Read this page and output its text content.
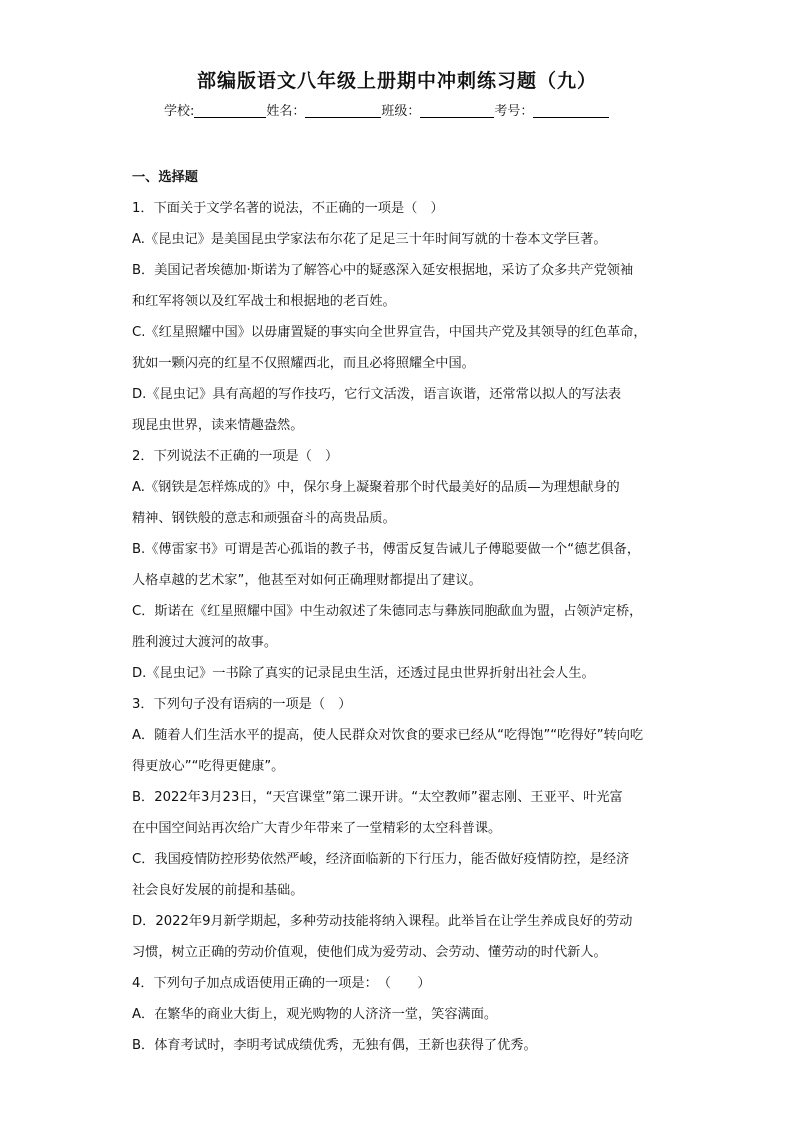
部编版语文八年级上册期中冲刺练习题（九）
学校:	姓名：	班级：	考号：
一、选择题
1．下面关于文学名著的说法，不正确的一项是（　）
A.《昆虫记》是美国昆虫学家法布尔花了足足三十年时间写就的十卷本文学巨著。
B．美国记者埃德加·斯诺为了解答心中的疑惑深入延安根据地，采访了众多共产党领袖
和红军将领以及红军战士和根据地的老百姓。
C.《红星照耀中国》以毋庸置疑的事实向全世界宣告，中国共产党及其领导的红色革命，
犹如一颗闪亮的红星不仅照耀西北，而且必将照耀全中国。
D.《昆虫记》具有高超的写作技巧，它行文活泼，语言诙谐，还常常以拟人的写法表
现昆虫世界，读来情趣盎然。
2．下列说法不正确的一项是（　）
A.《钢铁是怎样炼成的》中，保尔身上凝聚着那个时代最美好的品质—为理想献身的
精神、钢铁般的意志和顽强奋斗的高贵品质。
B.《傅雷家书》可谓是苦心孤诣的教子书，傅雷反复告诫儿子傅聪要做一个“德艺俱备，
人格卓越的艺术家”，他甚至对如何正确理财都提出了建议。
C．斯诺在《红星照耀中国》中生动叙述了朱德同志与彝族同胞歃血为盟，占领泸定桥，
胜利渡过大渡河的故事。
D.《昆虫记》一书除了真实的记录昆虫生活，还透过昆虫世界折射出社会人生。
3．下列句子没有语病的一项是（　）
A．随着人们生活水平的提高，使人民群众对饮食的要求已经从“吃得饱”“吃得好”转向吃
得更放心”“吃得更健康”。
B．2022年3月23日，“天宫课堂”第二课开讲。“太空教师”翟志刚、王亚平、叶光富
在中国空间站再次给广大青少年带来了一堂精彩的太空科普课。
C．我国疫情防控形势依然严峻，经济面临新的下行压力，能否做好疫情防控，是经济
社会良好发展的前提和基础。
D．2022年9月新学期起，多种劳动技能将纳入课程。此举旨在让学生养成良好的劳动
习惯，树立正确的劳动价值观，使他们成为爱劳动、会劳动、懂劳动的时代新人。
4．下列句子加点成语使用正确的一项是：　（　　）
A．在繁华的商业大街上，观光购物的人济济一堂，笑容满面。
B．体育考试时，李明考试成绩优秀，无独有偶，王新也获得了优秀。
